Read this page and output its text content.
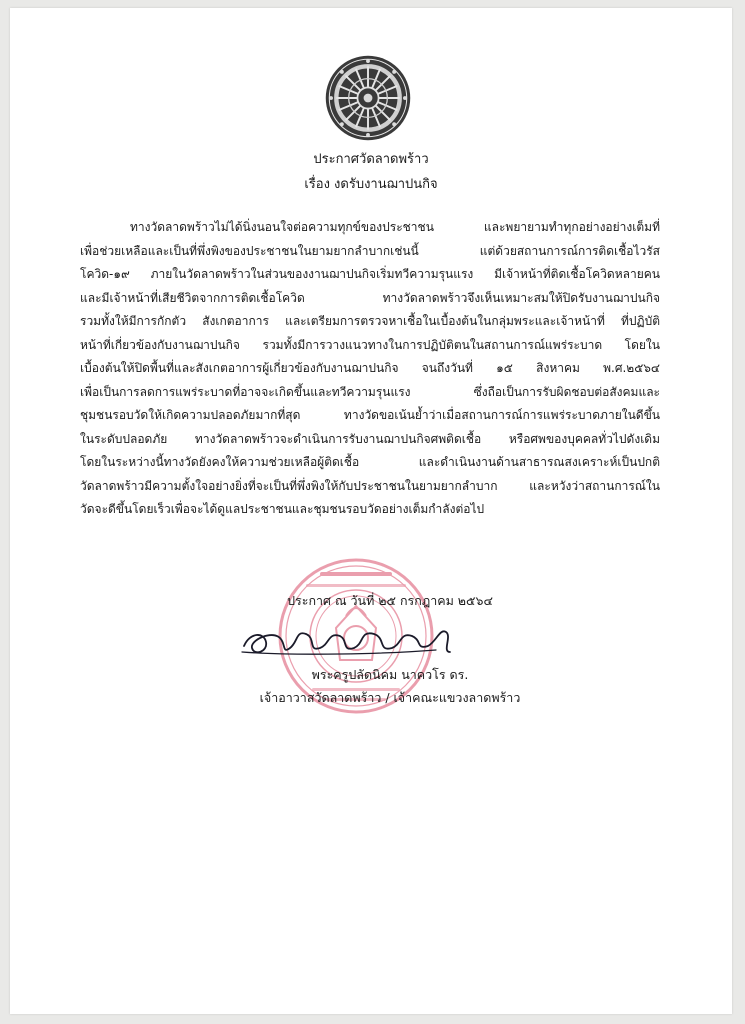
ประกาศวัดลาดพร้าว
เรื่อง งดรับงานฌาปนกิจ
ทางวัดลาดพร้าวไม่ได้นิ่งนอนใจต่อความทุกข์ของประชาชน และพยายามทำทุกอย่างอย่างเต็มที่
เพื่อช่วยเหลือและเป็นที่พึ่งพิงของประชาชนในยามยากลำบากเช่นนี้ แต่ด้วยสถานการณ์การติดเชื้อไวรัส
โควิด-๑๙ ภายในวัดลาดพร้าวในส่วนของงานฌาปนกิจเริ่มทวีความรุนแรง มีเจ้าหน้าที่ติดเชื้อโควิดหลายคน
และมีเจ้าหน้าที่เสียชีวิตจากการติดเชื้อโควิด ทางวัดลาดพร้าวจึงเห็นเหมาะสมให้ปิดรับงานฌาปนกิจ
รวมทั้งให้มีการกักตัว สังเกตอาการ และเตรียมการตรวจหาเชื้อในเบื้องต้นในกลุ่มพระและเจ้าหน้าที่ ที่ปฏิบัติ
หน้าที่เกี่ยวข้องกับงานฌาปนกิจ รวมทั้งมีการวางแนวทางในการปฏิบัติตนในสถานการณ์แพร่ระบาด โดยใน
เบื้องต้นให้ปิดพื้นที่และสังเกตอาการผู้เกี่ยวข้องกับงานฌาปนกิจ จนถึงวันที่ ๑๕ สิงหาคม พ.ศ.๒๕๖๔
เพื่อเป็นการลดการแพร่ระบาดที่อาจจะเกิดขึ้นและทวีความรุนแรง ซึ่งถือเป็นการรับผิดชอบต่อสังคมและ
ชุมชนรอบวัดให้เกิดความปลอดภัยมากที่สุด ทางวัดขอเน้นย้ำว่าเมื่อสถานการณ์การแพร่ระบาดภายในดีขึ้น
ในระดับปลอดภัย ทางวัดลาดพร้าวจะดำเนินการรับงานฌาปนกิจศพติดเชื้อ หรือศพของบุคคลทั่วไปดังเดิม
โดยในระหว่างนี้ทางวัดยังคงให้ความช่วยเหลือผู้ติดเชื้อ และดำเนินงานด้านสาธารณสงเคราะห์เป็นปกติ
วัดลาดพร้าวมีความตั้งใจอย่างยิ่งที่จะเป็นที่พึ่งพิงให้กับประชาชนในยามยากลำบาก และหวังว่าสถานการณ์ใน
วัดจะดีขึ้นโดยเร็วเพื่อจะได้ดูแลประชาชนและชุมชนรอบวัดอย่างเต็มกำลังต่อไป
ประกาศ ณ วันที่ ๒๕ กรกฎาคม ๒๕๖๔
พระครูปลัดนิคม นาควโร ดร.
เจ้าอาวาสวัดลาดพร้าว / เจ้าคณะแขวงลาดพร้าว
